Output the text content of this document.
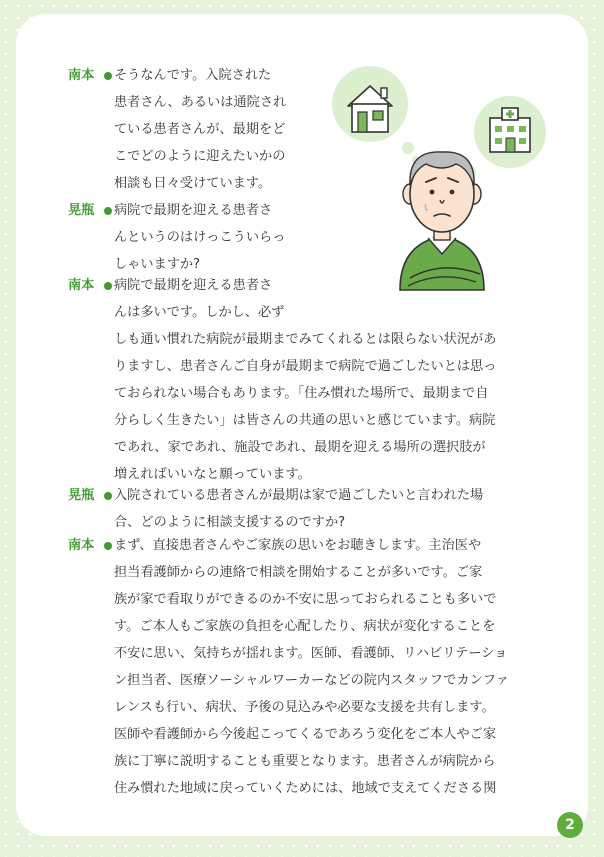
南本 そうなんです。入院された
患者さん、あるいは通院され
ている患者さんが、最期をど
こでどのように迎えたいかの
相談も日々受けています。
晃瓶 病院で最期を迎える患者さ
んというのはけっこういらっ
しゃいますか?
南本 病院で最期を迎える患者さ
んは多いです。しかし、必ず
しも通い慣れた病院が最期までみてくれるとは限らない状況があ
りますし、患者さんご自身が最期まで病院で過ごしたいとは思っ
ておられない場合もあります。「住み慣れた場所で、最期まで自
分らしく生きたい」は皆さんの共通の思いと感じています。病院
であれ、家であれ、施設であれ、最期を迎える場所の選択肢が
増えればいいなと願っています。
晃瓶 入院されている患者さんが最期は家で過ごしたいと言われた場
合、どのように相談支援するのですか?
南本 まず、直接患者さんやご家族の思いをお聴きします。主治医や
担当看護師からの連絡で相談を開始することが多いです。ご家
族が家で看取りができるのか不安に思っておられることも多いで
す。ご本人もご家族の負担を心配したり、病状が変化することを
不安に思い、気持ちが揺れます。医師、看護師、リハビリテーショ
ン担当者、医療ソーシャルワーカーなどの院内スタッフでカンファ
レンスも行い、病状、予後の見込みや必要な支援を共有します。
医師や看護師から今後起こってくるであろう変化をご本人やご家
族に丁寧に説明することも重要となります。患者さんが病院から
住み慣れた地域に戻っていくためには、地域で支えてくださる関
2
